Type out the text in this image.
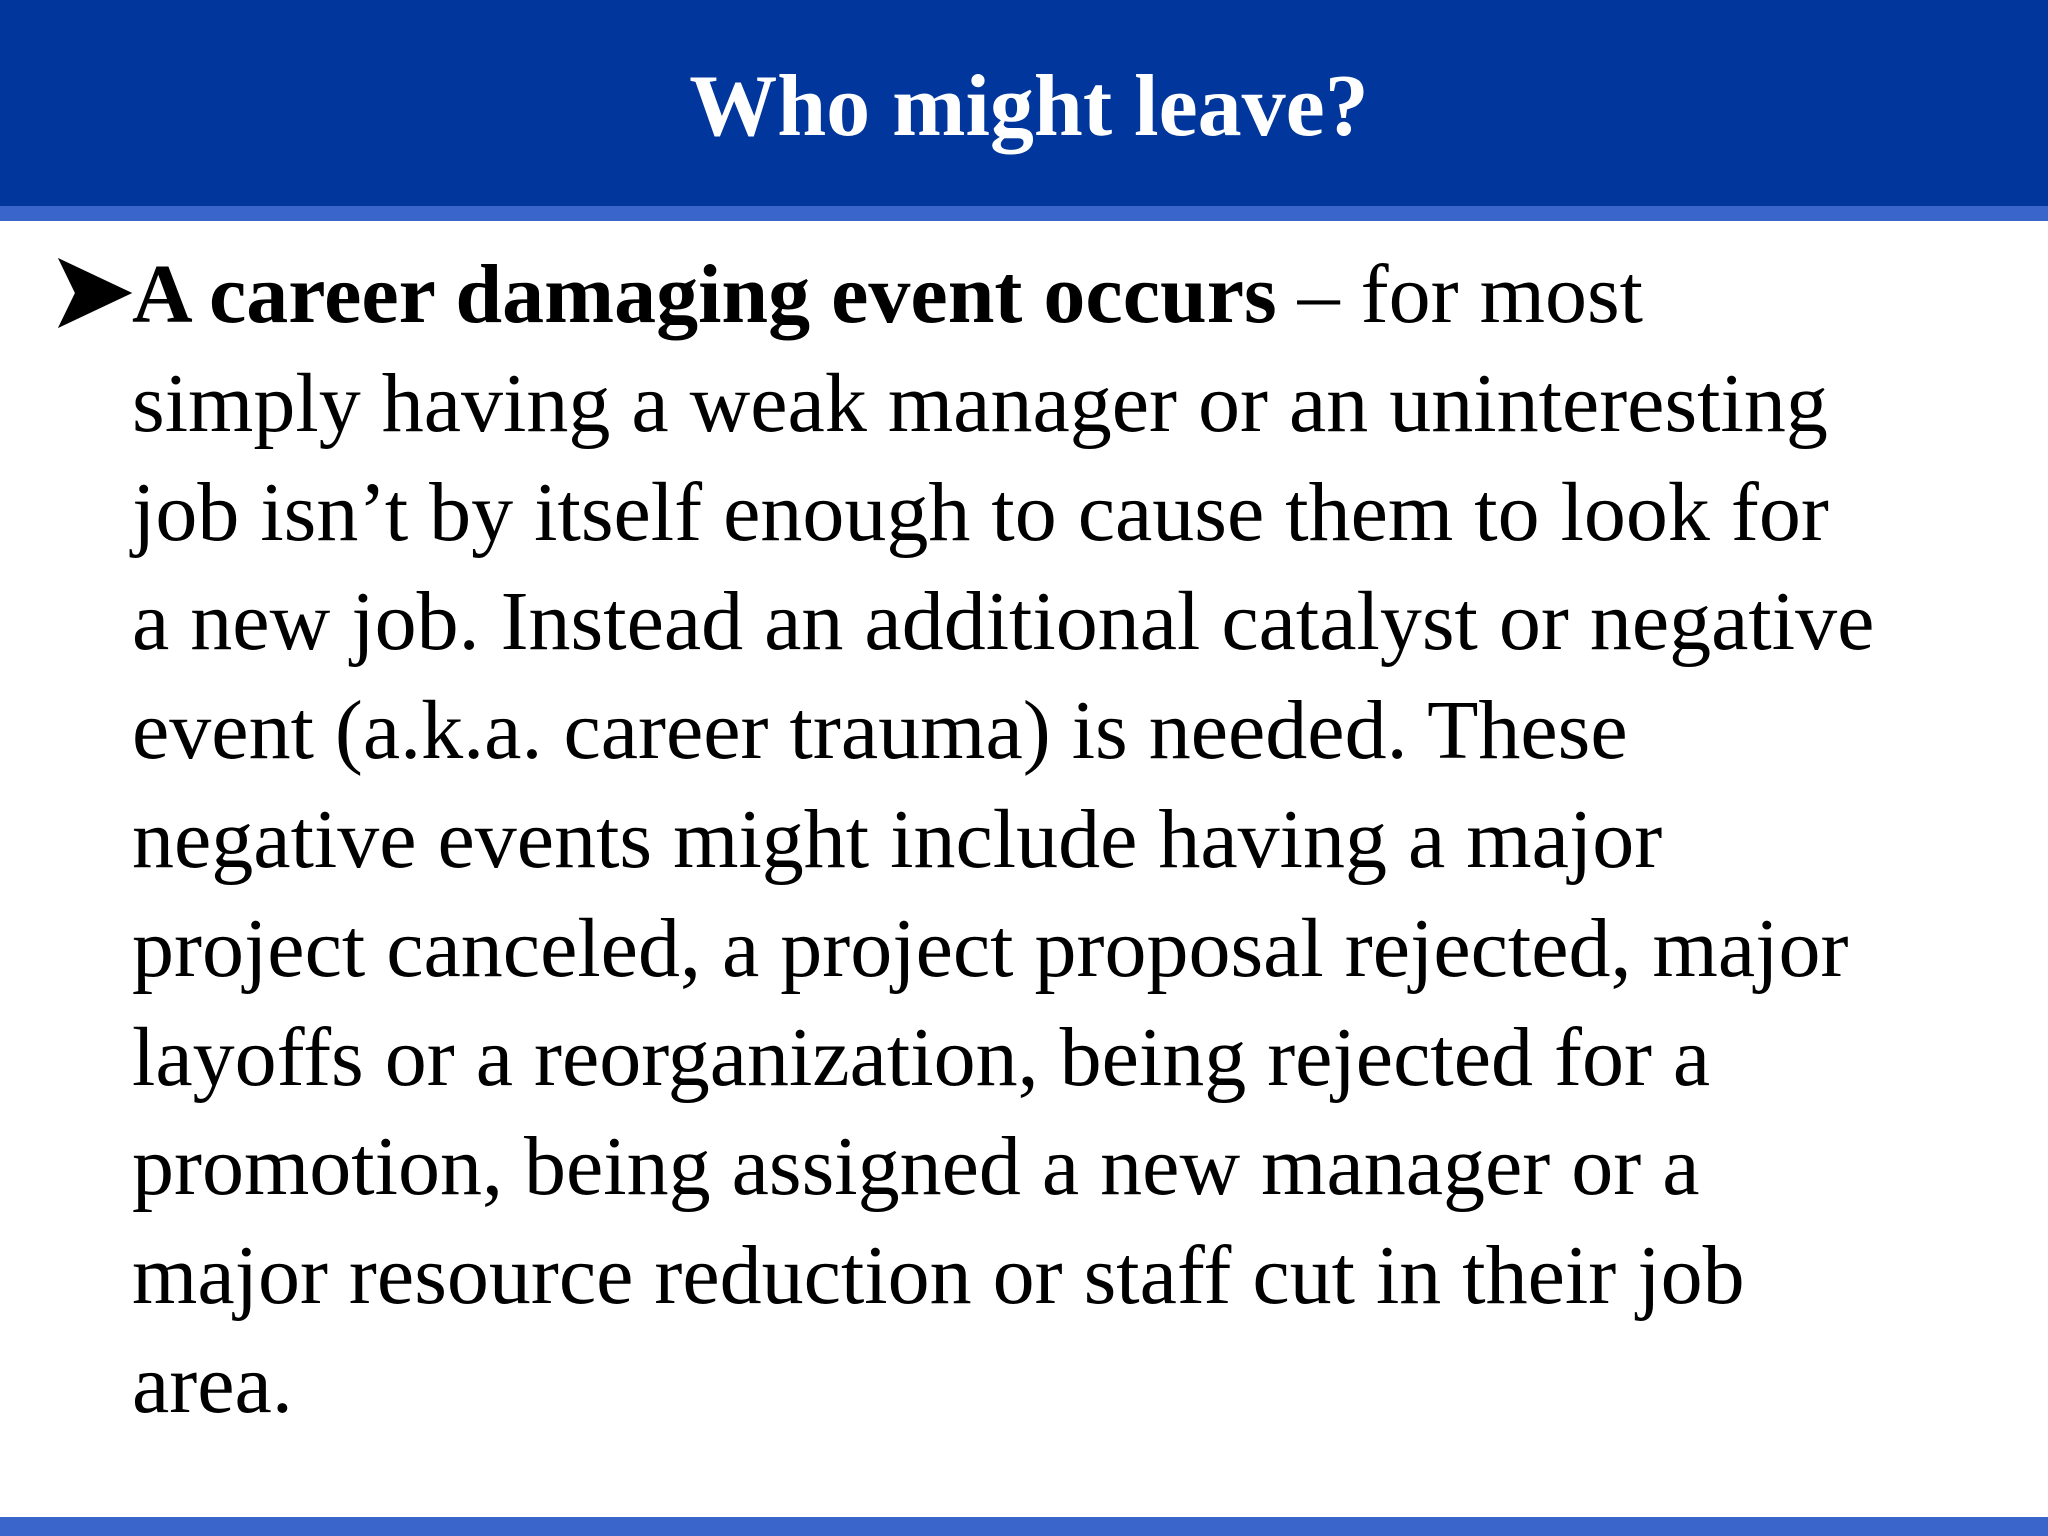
Who might leave?

A career damaging event occurs – for most
simply having a weak manager or an uninteresting
job isn’t by itself enough to cause them to look for
a new job. Instead an additional catalyst or negative
event (a.k.a. career trauma) is needed. These
negative events might include having a major
project canceled, a project proposal rejected, major
layoffs or a reorganization, being rejected for a
promotion, being assigned a new manager or a
major resource reduction or staff cut in their job
area.
